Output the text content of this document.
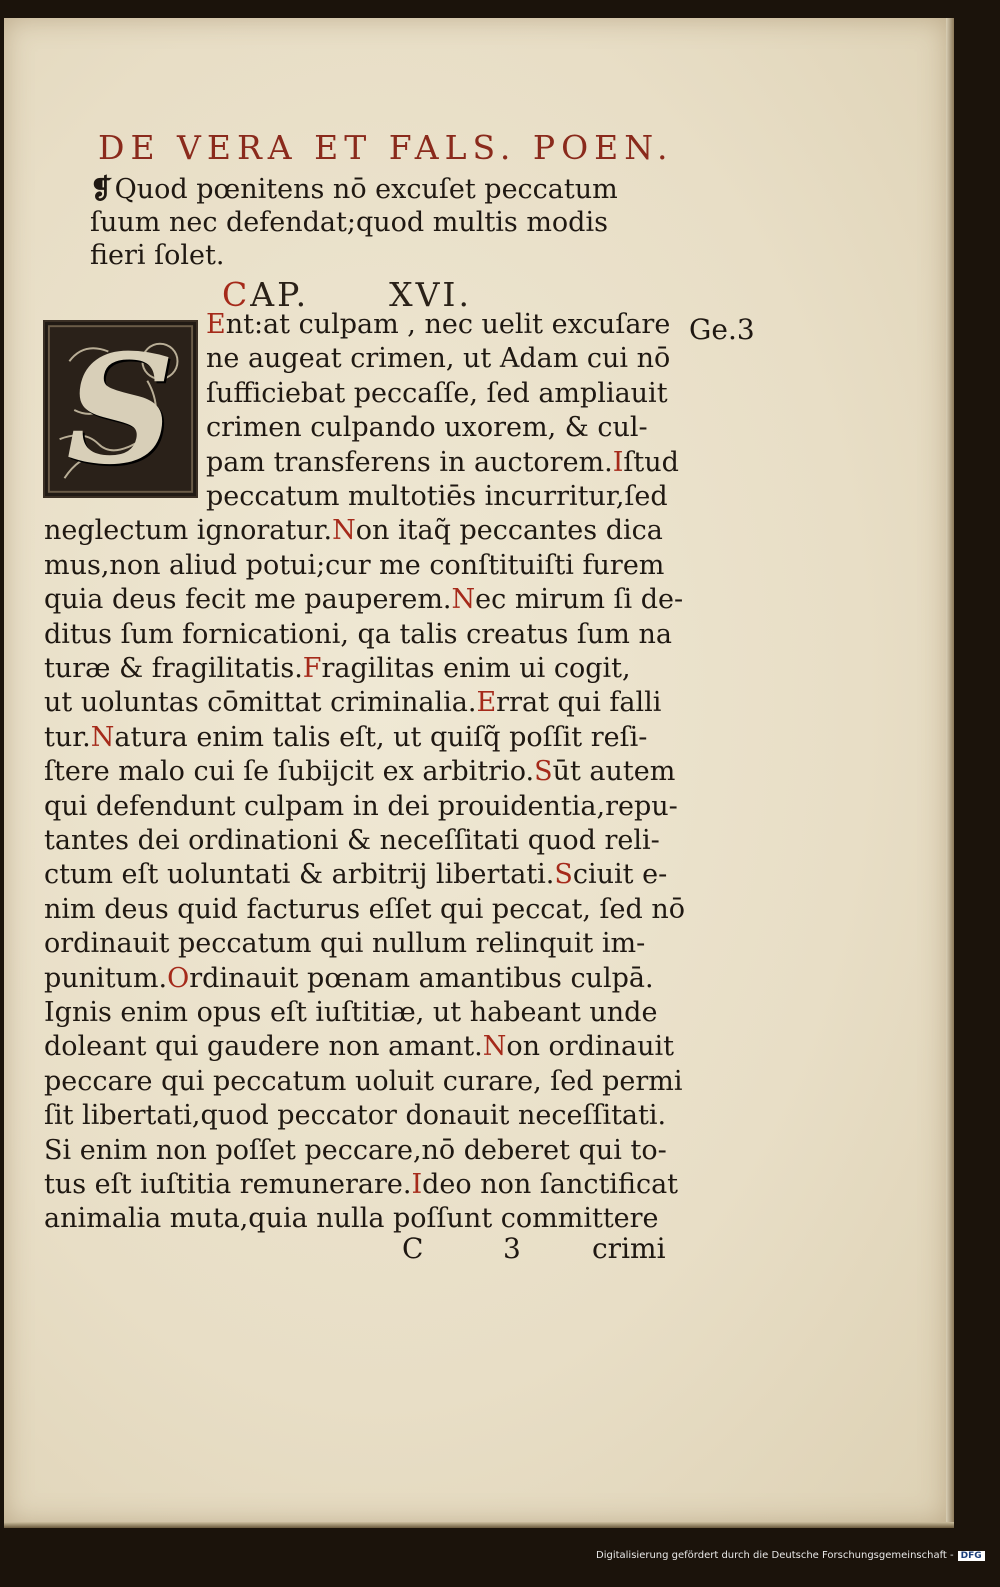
DE VERA ET FALS. POEN.
❡Quod pœnitens nō excuſet peccatum
ſuum nec defendat;quod multis modis
fieri ſolet.
CAP. XVI.
Ge.3
S	Ent:at culpam , nec uelit excuſare
ne augeat crimen, ut Adam cui nō
ſufficiebat peccaſſe, ſed ampliauit
crimen culpando uxorem, & cul-
pam transferens in auctorem.Iſtud
peccatum multotiēs incurritur,ſed
neglectum ignoratur.Non itaq̃ peccantes dica
mus,non aliud potui;cur me conſtituiſti furem
quia deus fecit me pauperem.Nec mirum ſi de-
ditus ſum fornicationi, qa talis creatus ſum na
turæ & fragilitatis.Fragilitas enim ui cogit,
ut uoluntas cōmittat criminalia.Errat qui falli
tur.Natura enim talis eſt, ut quiſq̃ poſſit reſi-
ſtere malo cui ſe ſubijcit ex arbitrio.Sūt autem
qui defendunt culpam in dei prouidentia,repu-
tantes dei ordinationi & neceſſitati quod reli-
ctum eſt uoluntati & arbitrij libertati.Sciuit e-
nim deus quid facturus eſſet qui peccat, ſed nō
ordinauit peccatum qui nullum relinquit im-
punitum.Ordinauit pœnam amantibus culpā.
Ignis enim opus eſt iuſtitiæ, ut habeant unde
doleant qui gaudere non amant.Non ordinauit
peccare qui peccatum uoluit curare, ſed permi
ſit libertati,quod peccator donauit neceſſitati.
Si enim non poſſet peccare,nō deberet qui to-
tus eſt iuſtitia remunerare.Ideo non ſanctificat
animalia muta,quia nulla poſſunt committere
C	3	crimi
Digitalisierung gefördert durch die Deutsche Forschungsgemeinschaft - DFG
